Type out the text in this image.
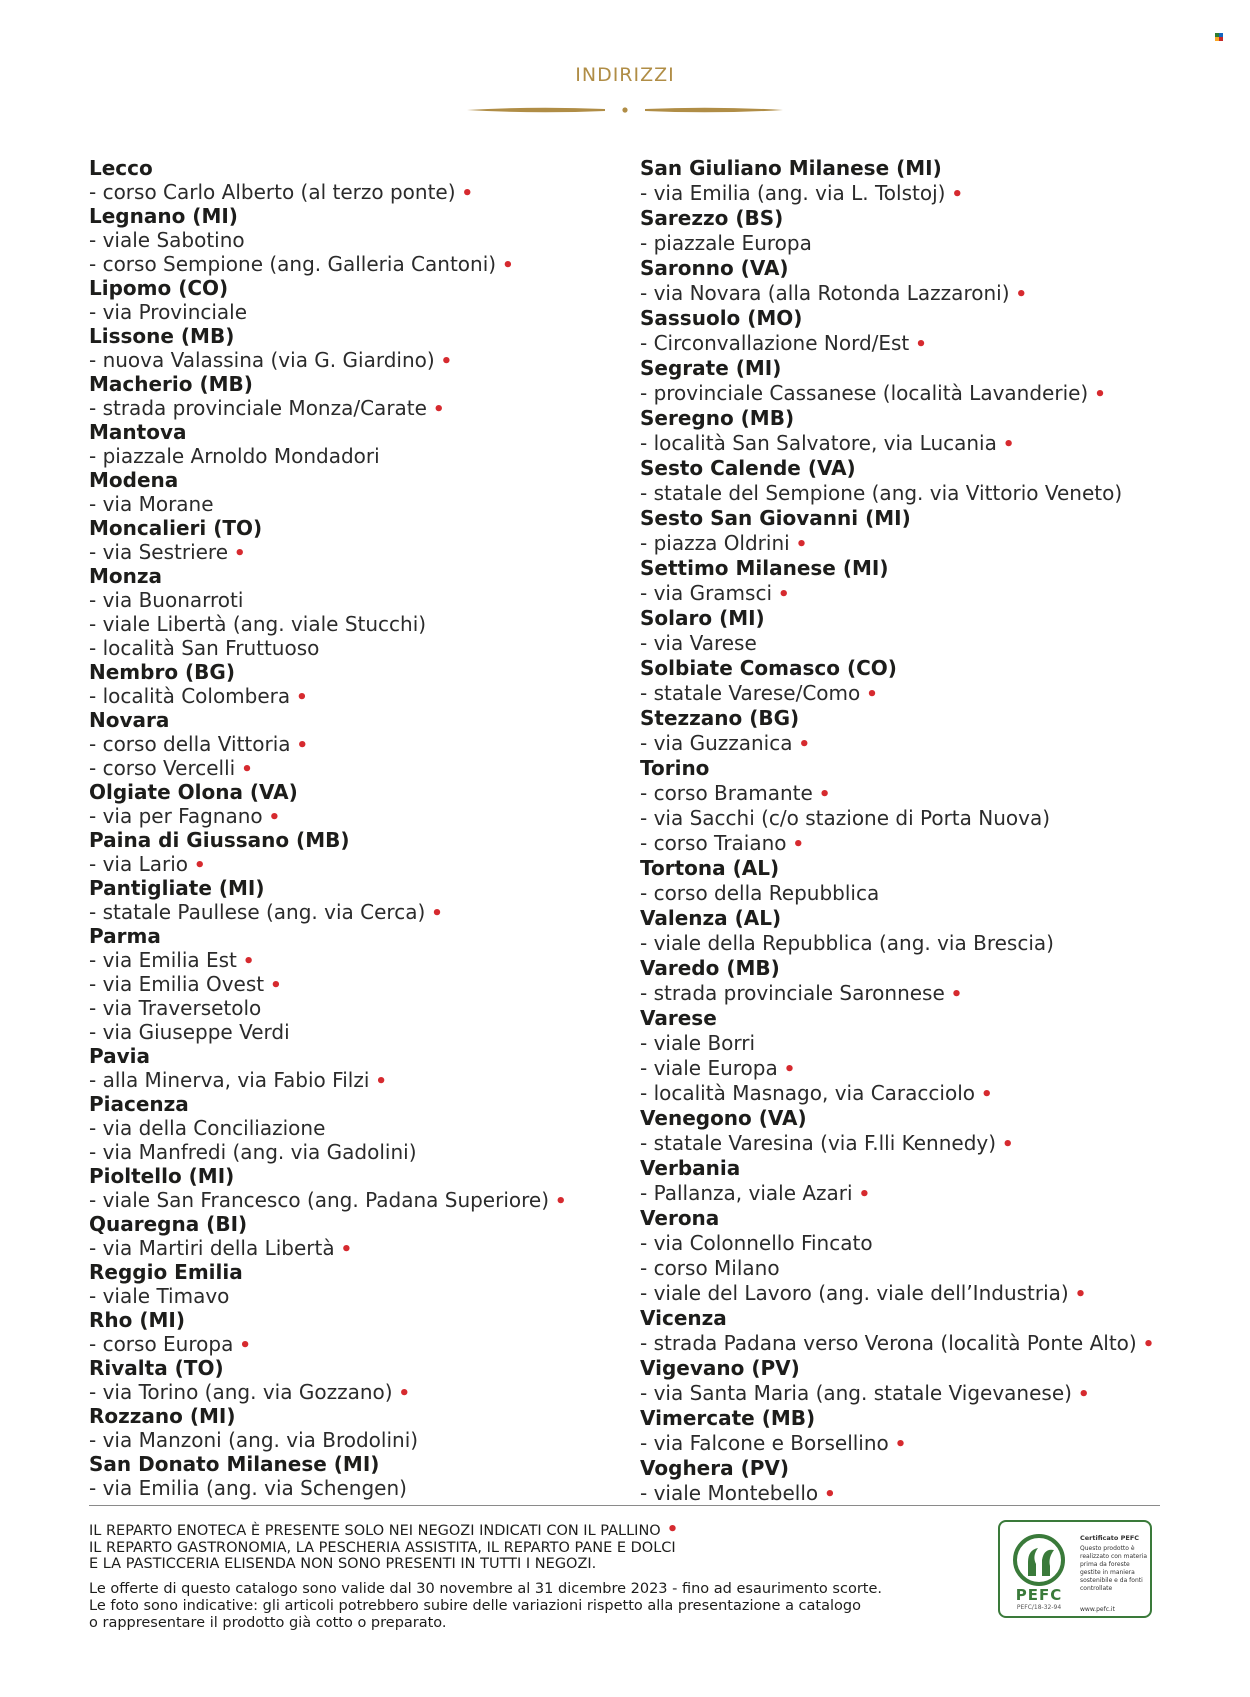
INDIRIZZI
Lecco
- corso Carlo Alberto (al terzo ponte) •
Legnano (MI)
- viale Sabotino
- corso Sempione (ang. Galleria Cantoni) •
Lipomo (CO)
- via Provinciale
Lissone (MB)
- nuova Valassina (via G. Giardino) •
Macherio (MB)
- strada provinciale Monza/Carate •
Mantova
- piazzale Arnoldo Mondadori
Modena
- via Morane
Moncalieri (TO)
- via Sestriere •
Monza
- via Buonarroti
- viale Libertà (ang. viale Stucchi)
- località San Fruttuoso
Nembro (BG)
- località Colombera •
Novara
- corso della Vittoria •
- corso Vercelli •
Olgiate Olona (VA)
- via per Fagnano •
Paina di Giussano (MB)
- via Lario •
Pantigliate (MI)
- statale Paullese (ang. via Cerca) •
Parma
- via Emilia Est •
- via Emilia Ovest •
- via Traversetolo
- via Giuseppe Verdi
Pavia
- alla Minerva, via Fabio Filzi •
Piacenza
- via della Conciliazione
- via Manfredi (ang. via Gadolini)
Pioltello (MI)
- viale San Francesco (ang. Padana Superiore) •
Quaregna (BI)
- via Martiri della Libertà •
Reggio Emilia
- viale Timavo
Rho (MI)
- corso Europa •
Rivalta (TO)
- via Torino (ang. via Gozzano) •
Rozzano (MI)
- via Manzoni (ang. via Brodolini)
San Donato Milanese (MI)
- via Emilia (ang. via Schengen)
San Giuliano Milanese (MI)
- via Emilia (ang. via L. Tolstoj) •
Sarezzo (BS)
- piazzale Europa
Saronno (VA)
- via Novara (alla Rotonda Lazzaroni) •
Sassuolo (MO)
- Circonvallazione Nord/Est •
Segrate (MI)
- provinciale Cassanese (località Lavanderie) •
Seregno (MB)
- località San Salvatore, via Lucania •
Sesto Calende (VA)
- statale del Sempione (ang. via Vittorio Veneto)
Sesto San Giovanni (MI)
- piazza Oldrini •
Settimo Milanese (MI)
- via Gramsci •
Solaro (MI)
- via Varese
Solbiate Comasco (CO)
- statale Varese/Como •
Stezzano (BG)
- via Guzzanica •
Torino
- corso Bramante •
- via Sacchi (c/o stazione di Porta Nuova)
- corso Traiano •
Tortona (AL)
- corso della Repubblica
Valenza (AL)
- viale della Repubblica (ang. via Brescia)
Varedo (MB)
- strada provinciale Saronnese •
Varese
- viale Borri
- viale Europa •
- località Masnago, via Caracciolo •
Venegono (VA)
- statale Varesina (via F.lli Kennedy) •
Verbania
- Pallanza, viale Azari •
Verona
- via Colonnello Fincato
- corso Milano
- viale del Lavoro (ang. viale dell’Industria) •
Vicenza
- strada Padana verso Verona (località Ponte Alto) •
Vigevano (PV)
- via Santa Maria (ang. statale Vigevanese) •
Vimercate (MB)
- via Falcone e Borsellino •
Voghera (PV)
- viale Montebello •
IL REPARTO ENOTECA È PRESENTE SOLO NEI NEGOZI INDICATI CON IL PALLINO •
IL REPARTO GASTRONOMIA, LA PESCHERIA ASSISTITA, IL REPARTO PANE E DOLCI
E LA PASTICCERIA ELISENDA NON SONO PRESENTI IN TUTTI I NEGOZI.
Le offerte di questo catalogo sono valide dal 30 novembre al 31 dicembre 2023 - fino ad esaurimento scorte.
Le foto sono indicative: gli articoli potrebbero subire delle variazioni rispetto alla presentazione a catalogo
o rappresentare il prodotto già cotto o preparato.
PEFC
PEFC/18-32-94
Certificato PEFC
Questo prodotto è realizzato con materia prima da foreste gestite in maniera sostenibile e da fonti controllate
www.pefc.it
